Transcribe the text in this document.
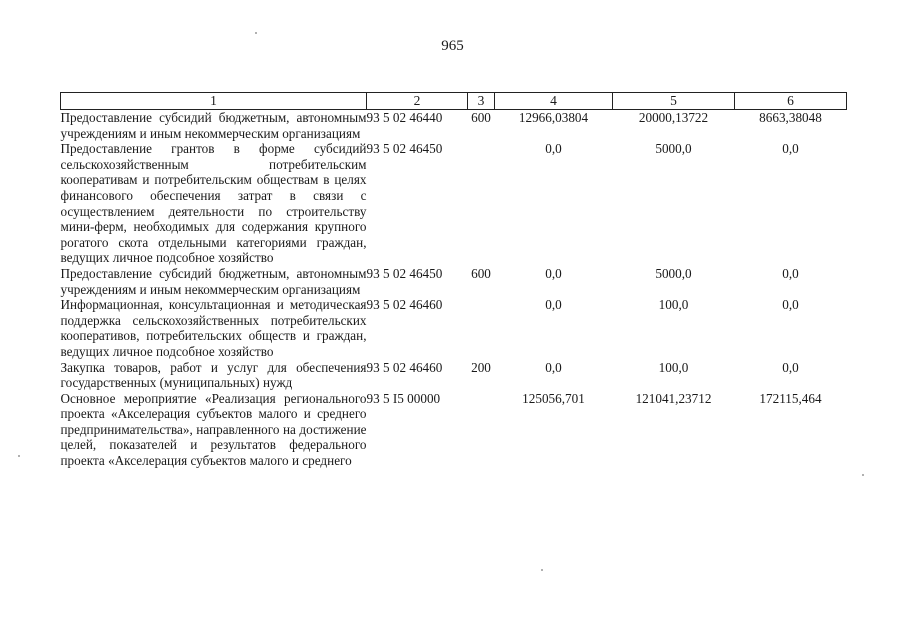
965
1	2	3	4	5	6
Предоставление субсидий бюджетным, автономным учреждениям и иным некоммерческим организациям	93 5 02 46440	600	12966,03804	20000,13722	8663,38048
Предоставление грантов в форме субсидий сельскохозяйственным потребительским кооперативам и потребительским обществам в целях финансового обеспечения затрат в связи с осуществлением деятельности по строительству мини-ферм, необходимых для содержания крупного рогатого скота отдельными категориями граждан, ведущих личное подсобное хозяйство	93 5 02 46450		0,0	5000,0	0,0
Предоставление субсидий бюджетным, автономным учреждениям и иным некоммерческим организациям	93 5 02 46450	600	0,0	5000,0	0,0
Информационная, консультационная и методическая поддержка сельскохозяйственных потребительских кооперативов, потребительских обществ и граждан, ведущих личное подсобное хозяйство	93 5 02 46460		0,0	100,0	0,0
Закупка товаров, работ и услуг для обеспечения государственных (муниципальных) нужд	93 5 02 46460	200	0,0	100,0	0,0
Основное мероприятие «Реализация регионального проекта «Акселерация субъектов малого и среднего предпринимательства», направленного на достижение целей, показателей и результатов федерального проекта «Акселерация субъектов малого и среднего	93 5 I5 00000		125056,701	121041,23712	172115,464
